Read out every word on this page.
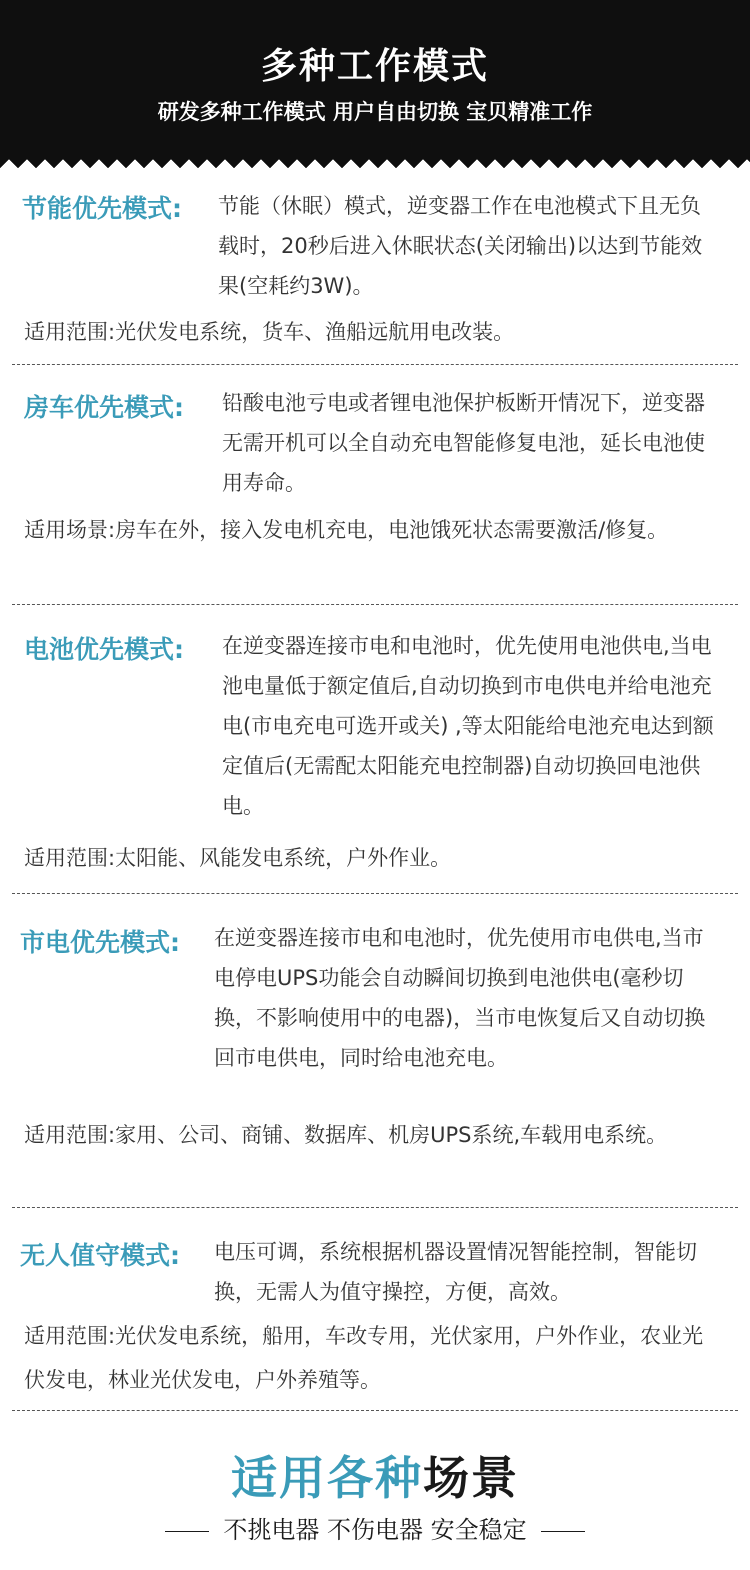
多种工作模式
研发多种工作模式 用户自由切换 宝贝精准工作
节能优先模式: 节能（休眠）模式，逆变器工作在电池模式下且无负载时，20秒后进入休眠状态(关闭输出)以达到节能效果(空耗约3W)。
适用范围:光伏发电系统，货车、渔船远航用电改装。
房车优先模式: 铅酸电池亏电或者锂电池保护板断开情况下，逆变器无需开机可以全自动充电智能修复电池，延长电池使用寿命。
适用场景:房车在外，接入发电机充电，电池饿死状态需要激活/修复。
电池优先模式: 在逆变器连接市电和电池时，优先使用电池供电,当电池电量低于额定值后,自动切换到市电供电并给电池充电(市电充电可选开或关) ,等太阳能给电池充电达到额定值后(无需配太阳能充电控制器)自动切换回电池供电。
适用范围:太阳能、风能发电系统，户外作业。
市电优先模式: 在逆变器连接市电和电池时，优先使用市电供电,当市电停电UPS功能会自动瞬间切换到电池供电(毫秒切换，不影响使用中的电器)，当市电恢复后又自动切换回市电供电，同时给电池充电。
适用范围:家用、公司、商铺、数据库、机房UPS系统,车载用电系统。
无人值守模式: 电压可调，系统根据机器设置情况智能控制，智能切换，无需人为值守操控，方便，高效。
适用范围:光伏发电系统，船用，车改专用，光伏家用，户外作业，农业光伏发电，林业光伏发电，户外养殖等。
适用各种场景
不挑电器 不伤电器 安全稳定
